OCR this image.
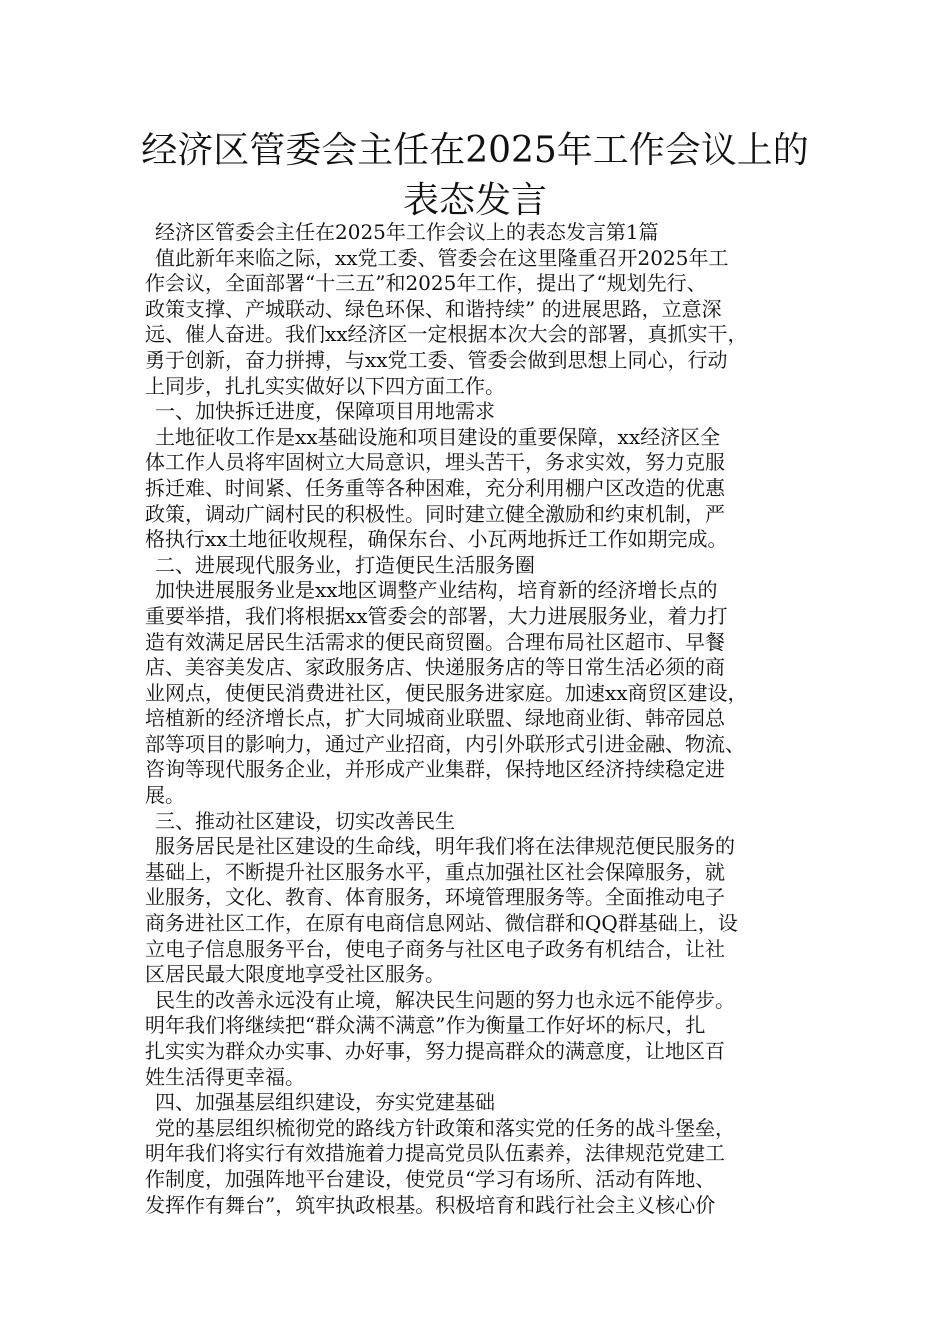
经济区管委会主任在2025年工作会议上的
表态发言
经济区管委会主任在2025年工作会议上的表态发言第1篇
值此新年来临之际，xx党工委、管委会在这里隆重召开2025年工
作会议，全面部署“十三五”和2025年工作，提出了“规划先行、
政策支撑、产城联动、绿色环保、和谐持续” 的进展思路，立意深
远、催人奋进。我们xx经济区一定根据本次大会的部署，真抓实干，
勇于创新，奋力拼搏，与xx党工委、管委会做到思想上同心，行动
上同步，扎扎实实做好以下四方面工作。
一、加快拆迁进度，保障项目用地需求
土地征收工作是xx基础设施和项目建设的重要保障，xx经济区全
体工作人员将牢固树立大局意识，埋头苦干，务求实效，努力克服
拆迁难、时间紧、任务重等各种困难，充分利用棚户区改造的优惠
政策，调动广阔村民的积极性。同时建立健全激励和约束机制，严
格执行xx土地征收规程，确保东台、小瓦两地拆迁工作如期完成。
二、进展现代服务业，打造便民生活服务圈
加快进展服务业是xx地区调整产业结构，培育新的经济增长点的
重要举措，我们将根据xx管委会的部署，大力进展服务业，着力打
造有效满足居民生活需求的便民商贸圈。合理布局社区超市、早餐
店、美容美发店、家政服务店、快递服务店的等日常生活必须的商
业网点，使便民消费进社区，便民服务进家庭。加速xx商贸区建设，
培植新的经济增长点，扩大同城商业联盟、绿地商业街、韩帝园总
部等项目的影响力，通过产业招商，内引外联形式引进金融、物流、
咨询等现代服务企业，并形成产业集群，保持地区经济持续稳定进
展。
三、推动社区建设，切实改善民生
服务居民是社区建设的生命线，明年我们将在法律规范便民服务的
基础上，不断提升社区服务水平，重点加强社区社会保障服务，就
业服务，文化、教育、体育服务，环境管理服务等。全面推动电子
商务进社区工作，在原有电商信息网站、微信群和QQ群基础上，设
立电子信息服务平台，使电子商务与社区电子政务有机结合，让社
区居民最大限度地享受社区服务。
民生的改善永远没有止境，解决民生问题的努力也永远不能停步。
明年我们将继续把“群众满不满意”作为衡量工作好坏的标尺，扎
扎实实为群众办实事、办好事，努力提高群众的满意度，让地区百
姓生活得更幸福。
四、加强基层组织建设，夯实党建基础
党的基层组织梳彻党的路线方针政策和落实党的任务的战斗堡垒，
明年我们将实行有效措施着力提高党员队伍素养，法律规范党建工
作制度，加强阵地平台建设，使党员“学习有场所、活动有阵地、
发挥作有舞台”，筑牢执政根基。积极培育和践行社会主义核心价
